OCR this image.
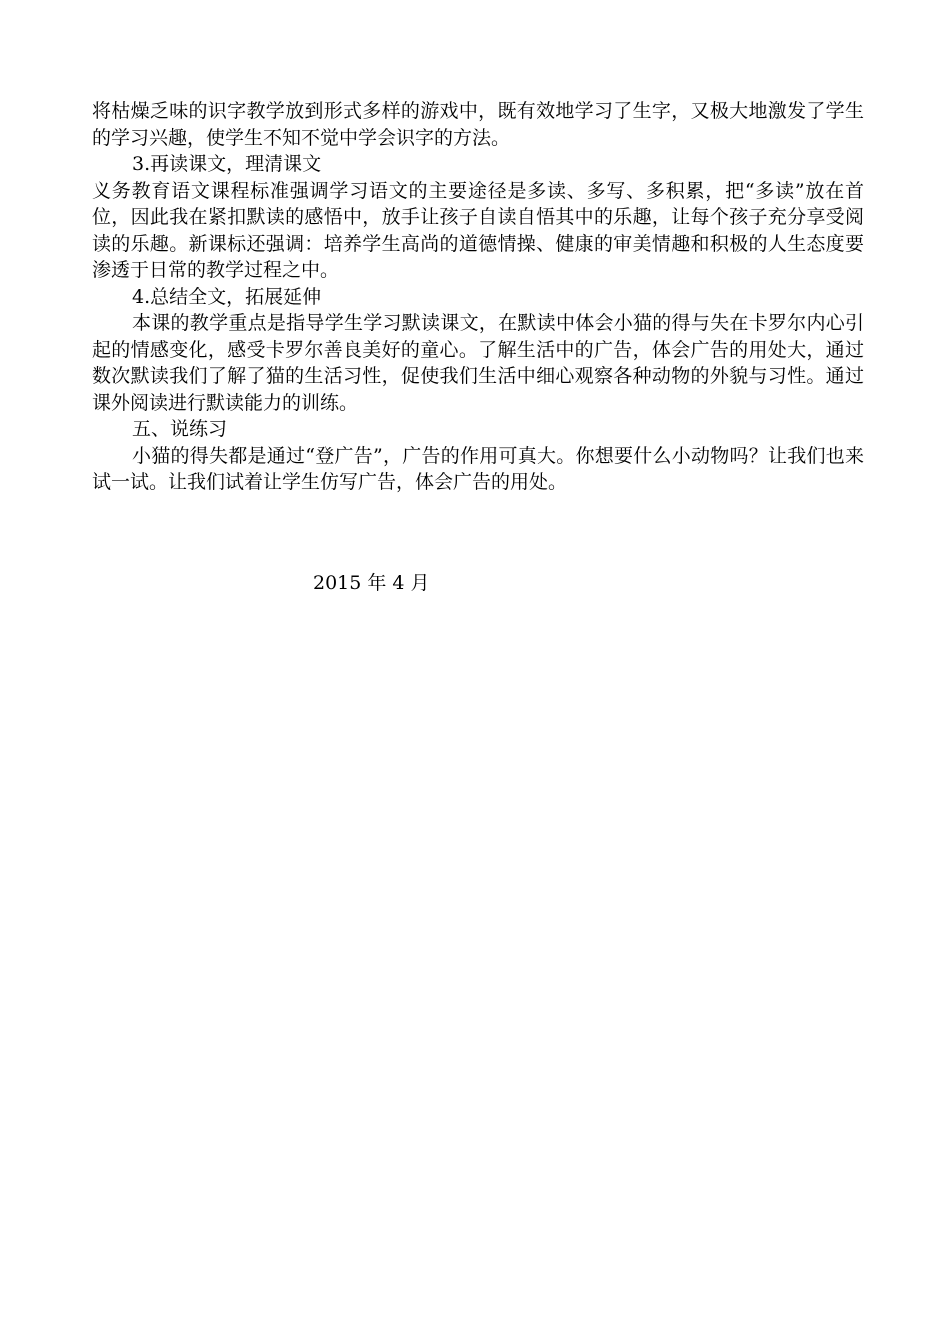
将枯燥乏味的识字教学放到形式多样的游戏中，既有效地学习了生字，又极大地激发了学生的学习兴趣，使学生不知不觉中学会识字的方法。

3.再读课文，理清课文

义务教育语文课程标准强调学习语文的主要途径是多读、多写、多积累，把“多读”放在首位，因此我在紧扣默读的感悟中，放手让孩子自读自悟其中的乐趣，让每个孩子充分享受阅读的乐趣。新课标还强调：培养学生高尚的道德情操、健康的审美情趣和积极的人生态度要渗透于日常的教学过程之中。

4.总结全文，拓展延伸

本课的教学重点是指导学生学习默读课文，在默读中体会小猫的得与失在卡罗尔内心引起的情感变化，感受卡罗尔善良美好的童心。了解生活中的广告，体会广告的用处大，通过数次默读我们了解了猫的生活习性，促使我们生活中细心观察各种动物的外貌与习性。通过课外阅读进行默读能力的训练。

五、说练习

小猫的得失都是通过“登广告”，广告的作用可真大。你想要什么小动物吗？让我们也来试一试。让我们试着让学生仿写广告，体会广告的用处。

2015 年 4 月
